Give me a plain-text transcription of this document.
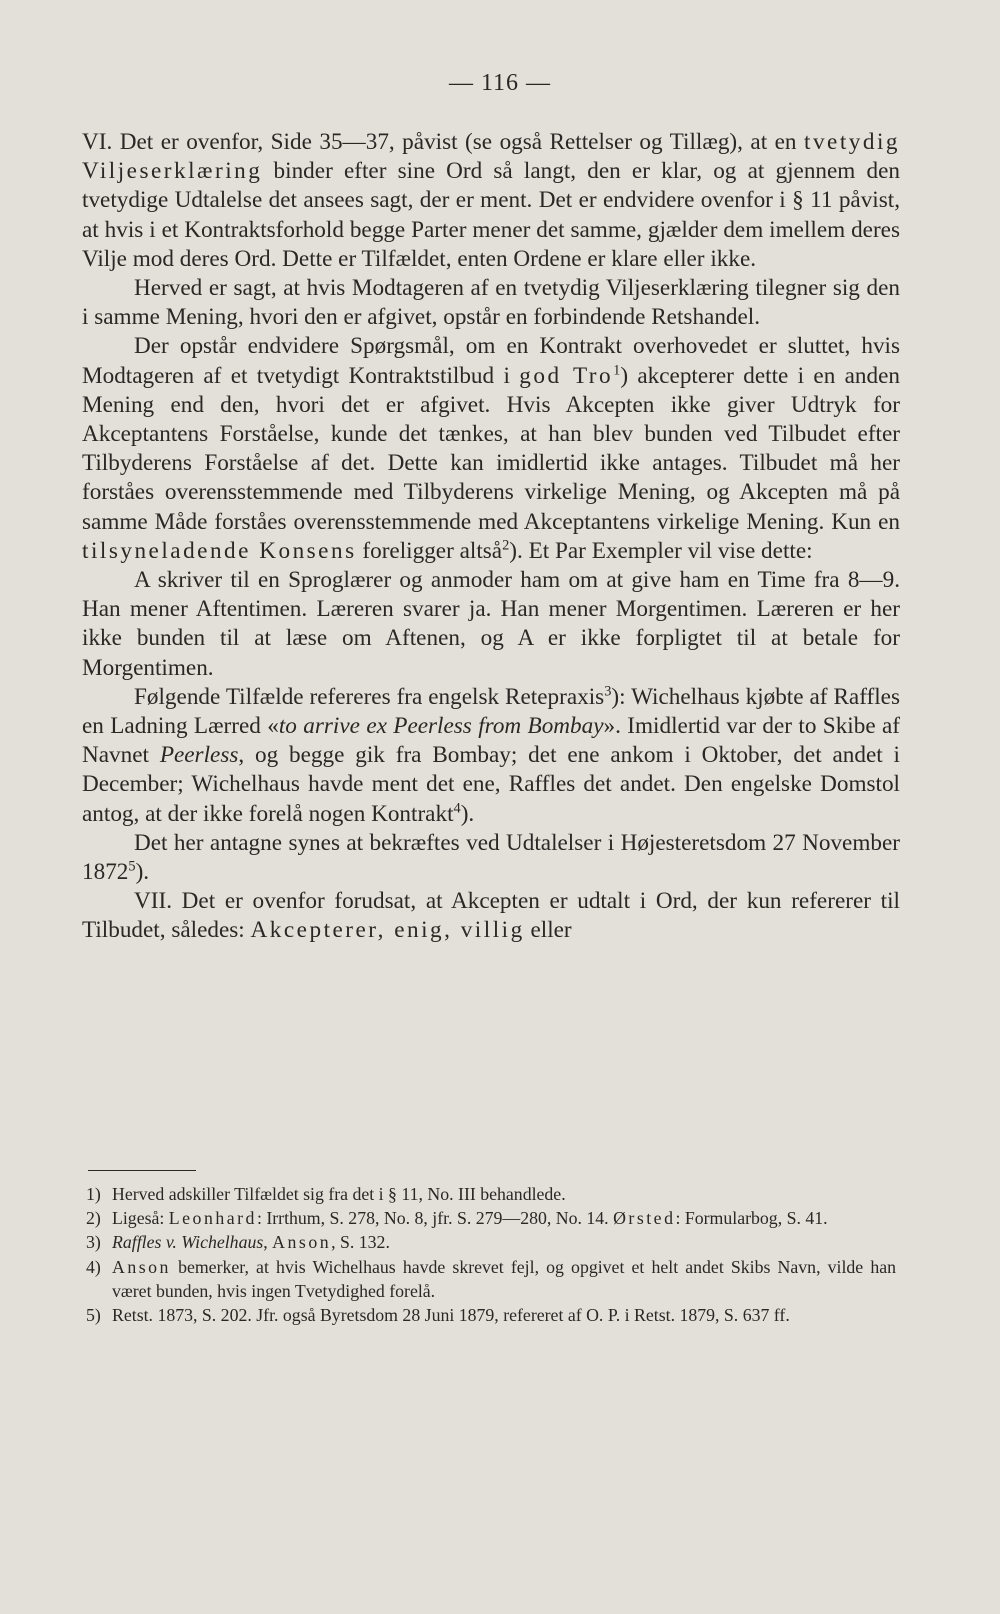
— 116 —

VI. Det er ovenfor, Side 35—37, påvist (se også Rettelser og Tillæg), at en tvetydig Viljeserklæring binder efter sine Ord så langt, den er klar, og at gjennem den tvetydige Udtalelse det ansees sagt, der er ment. Det er endvidere ovenfor i § 11 påvist, at hvis i et Kontraktsforhold begge Parter mener det samme, gjælder dem imellem deres Vilje mod deres Ord. Dette er Tilfældet, enten Ordene er klare eller ikke.

Herved er sagt, at hvis Modtageren af en tvetydig Viljeserklæring tilegner sig den i samme Mening, hvori den er afgivet, opstår en forbindende Retshandel.

Der opstår endvidere Spørgsmål, om en Kontrakt overhovedet er sluttet, hvis Modtageren af et tvetydigt Kontraktstilbud i god Tro$^1$) akcepterer dette i en anden Mening end den, hvori det er afgivet. Hvis Akcepten ikke giver Udtryk for Akceptantens Forståelse, kunde det tænkes, at han blev bunden ved Tilbudet efter Tilbyderens Forståelse af det. Dette kan imidlertid ikke antages. Tilbudet må her forståes overensstemmende med Tilbyderens virkelige Mening, og Akcepten må på samme Måde forståes overensstemmende med Akceptantens virkelige Mening. Kun en tilsyneladende Konsens foreligger altså$^2$). Et Par Exempler vil vise dette:

A skriver til en Sproglærer og anmoder ham om at give ham en Time fra 8—9. Han mener Aftentimen. Læreren svarer ja. Han mener Morgentimen. Læreren er her ikke bunden til at læse om Aftenen, og A er ikke forpligtet til at betale for Morgentimen.

Følgende Tilfælde refereres fra engelsk Retepraxis$^3$): Wichelhaus kjøbte af Raffles en Ladning Lærred «to arrive ex Peerless from Bombay». Imidlertid var der to Skibe af Navnet Peerless, og begge gik fra Bombay; det ene ankom i Oktober, det andet i December; Wichelhaus havde ment det ene, Raffles det andet. Den engelske Domstol antog, at der ikke forelå nogen Kontrakt$^4$).

Det her antagne synes at bekræftes ved Udtalelser i Højesteretsdom 27 November 1872$^5$).

VII. Det er ovenfor forudsat, at Akcepten er udtalt i Ord, der kun refererer til Tilbudet, således: Akcepterer, enig, villig eller

1) Herved adskiller Tilfældet sig fra det i § 11, No. III behandlede.
2) Ligeså: Leonhard: Irrthum, S. 278, No. 8, jfr. S. 279—280, No. 14. Ørsted: Formularbog, S. 41.
3) Raffles v. Wichelhaus, Anson, S. 132.
4) Anson bemerker, at hvis Wichelhaus havde skrevet fejl, og opgivet et helt andet Skibs Navn, vilde han været bunden, hvis ingen Tvetydighed forelå.
5) Retst. 1873, S. 202. Jfr. også Byretsdom 28 Juni 1879, refereret af O. P. i Retst. 1879, S. 637 ff.
